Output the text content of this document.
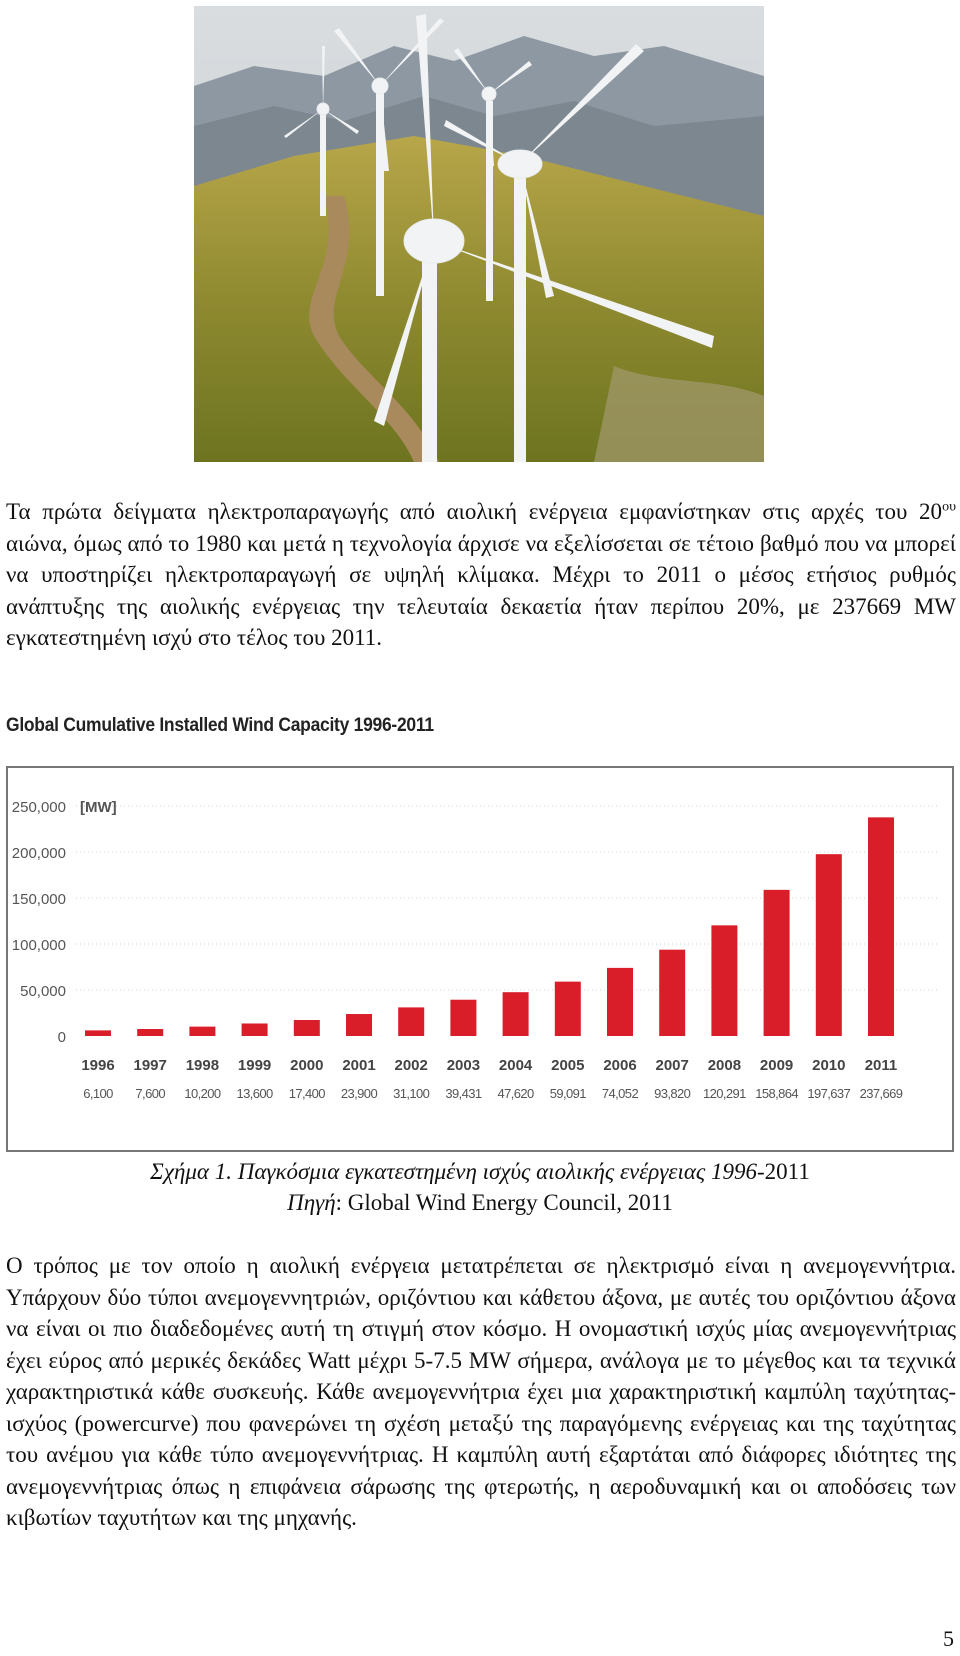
Τα πρώτα δείγματα ηλεκτροπαραγωγής από αιολική ενέργεια εμφανίστηκαν στις αρχές του $20^{o\upsilon}$ αιώνα, όμως από το 1980 και μετά η τεχνολογία άρχισε να εξελίσσεται σε τέτοιο βαθμό που να μπορεί να υποστηρίζει ηλεκτροπαραγωγή σε υψηλή κλίμακα. Μέχρι το 2011 ο μέσος ετήσιος ρυθμός ανάπτυξης της αιολικής ενέργειας την τελευταία δεκαετία ήταν περίπου 20%, με 237669 MW εγκατεστημένη ισχύ στο τέλος του 2011.

Global Cumulative Installed Wind Capacity 1996-2011
0
50,000
100,000
150,000
200,000
250,000 [MW]
1996
6,100
1997
7,600
1998
10,200
1999
13,600
2000
17,400
2001
23,900
2002
31,100
2003
39,431
2004
47,620
2005
59,091
2006
74,052
2007
93,820
2008
120,291
2009
158,864
2010
197,637
2011
237,669
Σχήμα 1. Παγκόσμια εγκατεστημένη ισχύς αιολικής ενέργειας 1996-2011
Πηγή: Global Wind Energy Council, 2011

Ο τρόπος με τον οποίο η αιολική ενέργεια μετατρέπεται σε ηλεκτρισμό είναι η ανεμογεννήτρια. Υπάρχουν δύο τύποι ανεμογεννητριών, οριζόντιου και κάθετου άξονα, με αυτές του οριζόντιου άξονα να είναι οι πιο διαδεδομένες αυτή τη στιγμή στον κόσμο. Η ονομαστική ισχύς μίας ανεμογεννήτριας έχει εύρος από μερικές δεκάδες Watt μέχρι 5-7.5 MW σήμερα, ανάλογα με το μέγεθος και τα τεχνικά χαρακτηριστικά κάθε συσκευής. Κάθε ανεμογεννήτρια έχει μια χαρακτηριστική καμπύλη ταχύτητας- ισχύος (powercurve) που φανερώνει τη σχέση μεταξύ της παραγόμενης ενέργειας και της ταχύτητας του ανέμου για κάθε τύπο ανεμογεννήτριας. Η καμπύλη αυτή εξαρτάται από διάφορες ιδιότητες της ανεμογεννήτριας όπως η επιφάνεια σάρωσης της φτερωτής, η αεροδυναμική και οι αποδόσεις των κιβωτίων ταχυτήτων και της μηχανής.

5
